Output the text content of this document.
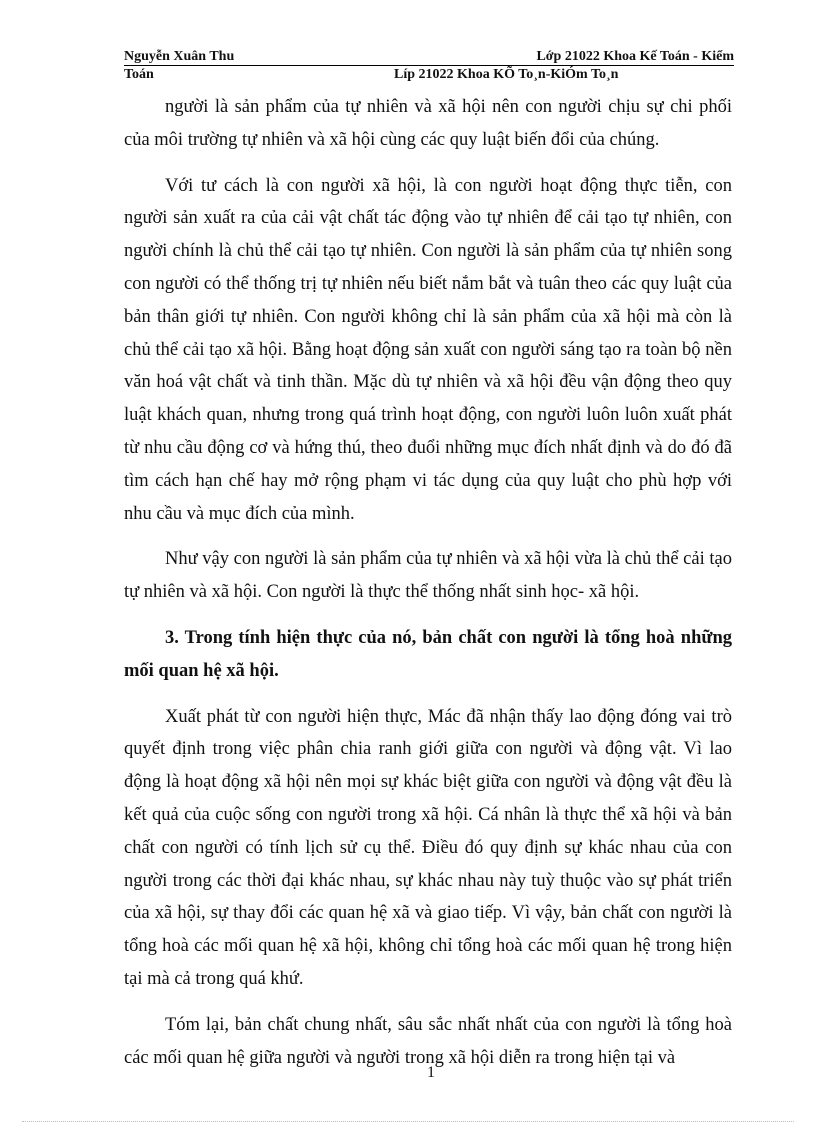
Nguyễn Xuân Thu	Lớp 21022 Khoa Kế Toán - Kiểm
Toán	Líp 21022 Khoa KÕ To¸n-KiÓm To¸n

người là sản phẩm của tự nhiên và xã hội nên con người chịu sự chi phối của môi trường tự nhiên và xã hội cùng các quy luật biến đổi của chúng.

Với tư cách là con người xã hội, là con người hoạt động thực tiễn, con người sản xuất ra của cải vật chất tác động vào tự nhiên để cải tạo tự nhiên, con người chính là chủ thể cải tạo tự nhiên. Con người là sản phẩm của tự nhiên song con người có thể thống trị tự nhiên nếu biết nắm bắt và tuân theo các quy luật của bản thân giới tự nhiên. Con người không chỉ là sản phẩm của xã hội mà còn là chủ thể cải tạo xã hội. Bằng hoạt động sản xuất con người sáng tạo ra toàn bộ nền văn hoá vật chất và tinh thần. Mặc dù tự nhiên và xã hội đều vận động theo quy luật khách quan, nhưng trong quá trình hoạt động, con người luôn luôn xuất phát từ nhu cầu động cơ và hứng thú, theo đuổi những mục đích nhất định và do đó đã tìm cách hạn chế hay mở rộng phạm vi tác dụng của quy luật cho phù hợp với nhu cầu và mục đích của mình.

Như vậy con người là sản phẩm của tự nhiên và xã hội vừa là chủ thể cải tạo tự nhiên và xã hội. Con người là thực thể thống nhất sinh học- xã hội.

3. Trong tính hiện thực của nó, bản chất con người là tổng hoà những mối quan hệ xã hội.

Xuất phát từ con người hiện thực, Mác đã nhận thấy lao động đóng vai trò quyết định trong việc phân chia ranh giới giữa con người và động vật. Vì lao động là hoạt động xã hội nên mọi sự khác biệt giữa con người và động vật đều là kết quả của cuộc sống con người trong xã hội. Cá nhân là thực thể xã hội và bản chất con người có tính lịch sử cụ thể. Điều đó quy định sự khác nhau của con người trong các thời đại khác nhau, sự khác nhau này tuỳ thuộc vào sự phát triển của xã hội, sự thay đổi các quan hệ xã và giao tiếp. Vì vậy, bản chất con người là tổng hoà các mối quan hệ xã hội, không chỉ tổng hoà các mối quan hệ trong hiện tại mà cả trong quá khứ.

Tóm lại, bản chất chung nhất, sâu sắc nhất nhất của con người là tổng hoà các mối quan hệ giữa người và người trong xã hội diễn ra trong hiện tại và

1
